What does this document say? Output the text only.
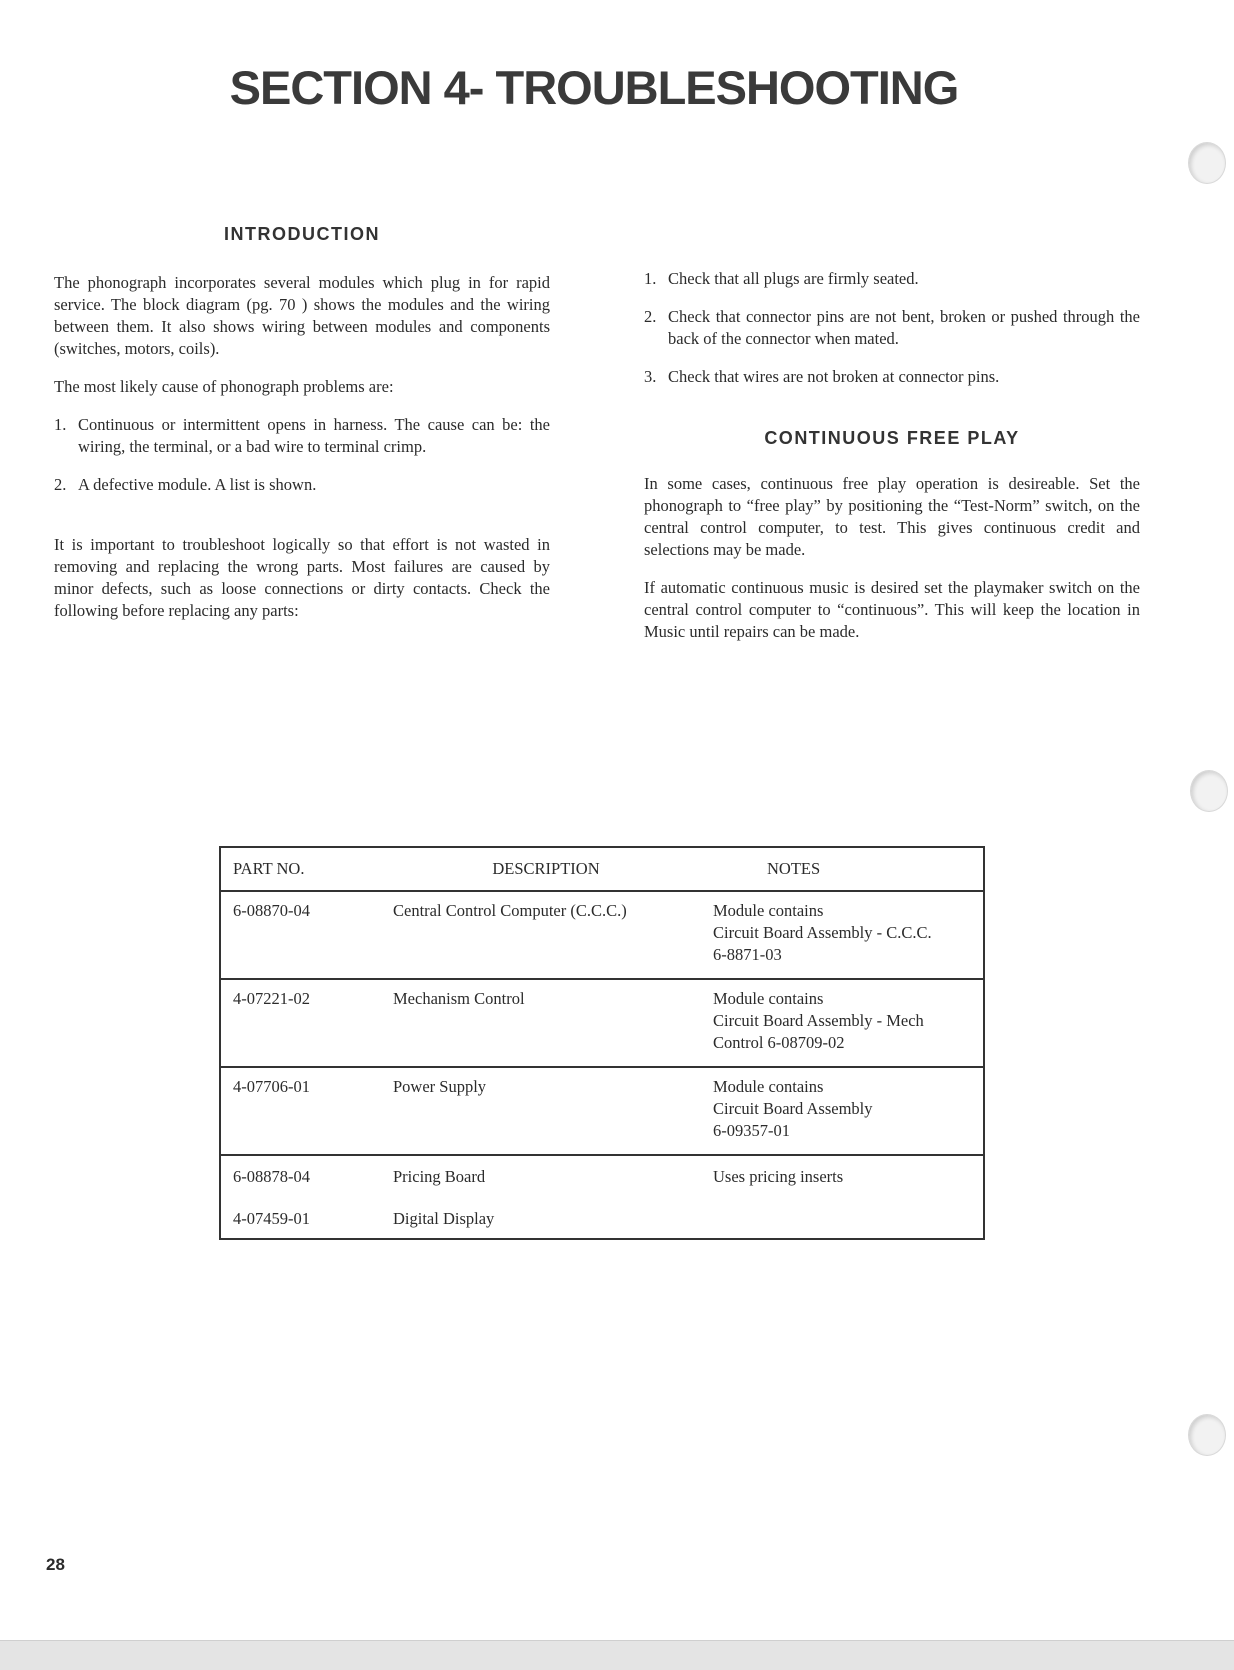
SECTION 4- TROUBLESHOOTING
INTRODUCTION

The phonograph incorporates several modules which plug in for rapid service. The block diagram (pg. 70 ) shows the modules and the wiring between them. It also shows wiring between modules and components (switches, motors, coils).

The most likely cause of phonograph problems are:

1. Continuous or intermittent opens in harness. The cause can be: the wiring, the terminal, or a bad wire to terminal crimp.
2. A defective module. A list is shown.

It is important to troubleshoot logically so that effort is not wasted in removing and replacing the wrong parts. Most failures are caused by minor defects, such as loose connections or dirty contacts. Check the following before replacing any parts:

1. Check that all plugs are firmly seated.
2. Check that connector pins are not bent, broken or pushed through the back of the connector when mated.
3. Check that wires are not broken at connector pins.
CONTINUOUS FREE PLAY

In some cases, continuous free play operation is desireable. Set the phonograph to “free play” by positioning the “Test-Norm” switch, on the central control computer, to test. This gives continuous credit and selections may be made.

If automatic continuous music is desired set the playmaker switch on the central control computer to “continuous”. This will keep the location in Music until repairs can be made.

PART NO.	DESCRIPTION	NOTES
6-08870-04	Central Control Computer (C.C.C.)	Module contains
Circuit Board Assembly - C.C.C.
6-8871-03

4-07221-02	Mechanism Control	Module contains
Circuit Board Assembly - Mech
Control 6-08709-02

4-07706-01	Power Supply	Module contains
Circuit Board Assembly
6-09357-01

6-08878-04	Pricing Board	Uses pricing inserts

4-07459-01	Digital Display	
28
